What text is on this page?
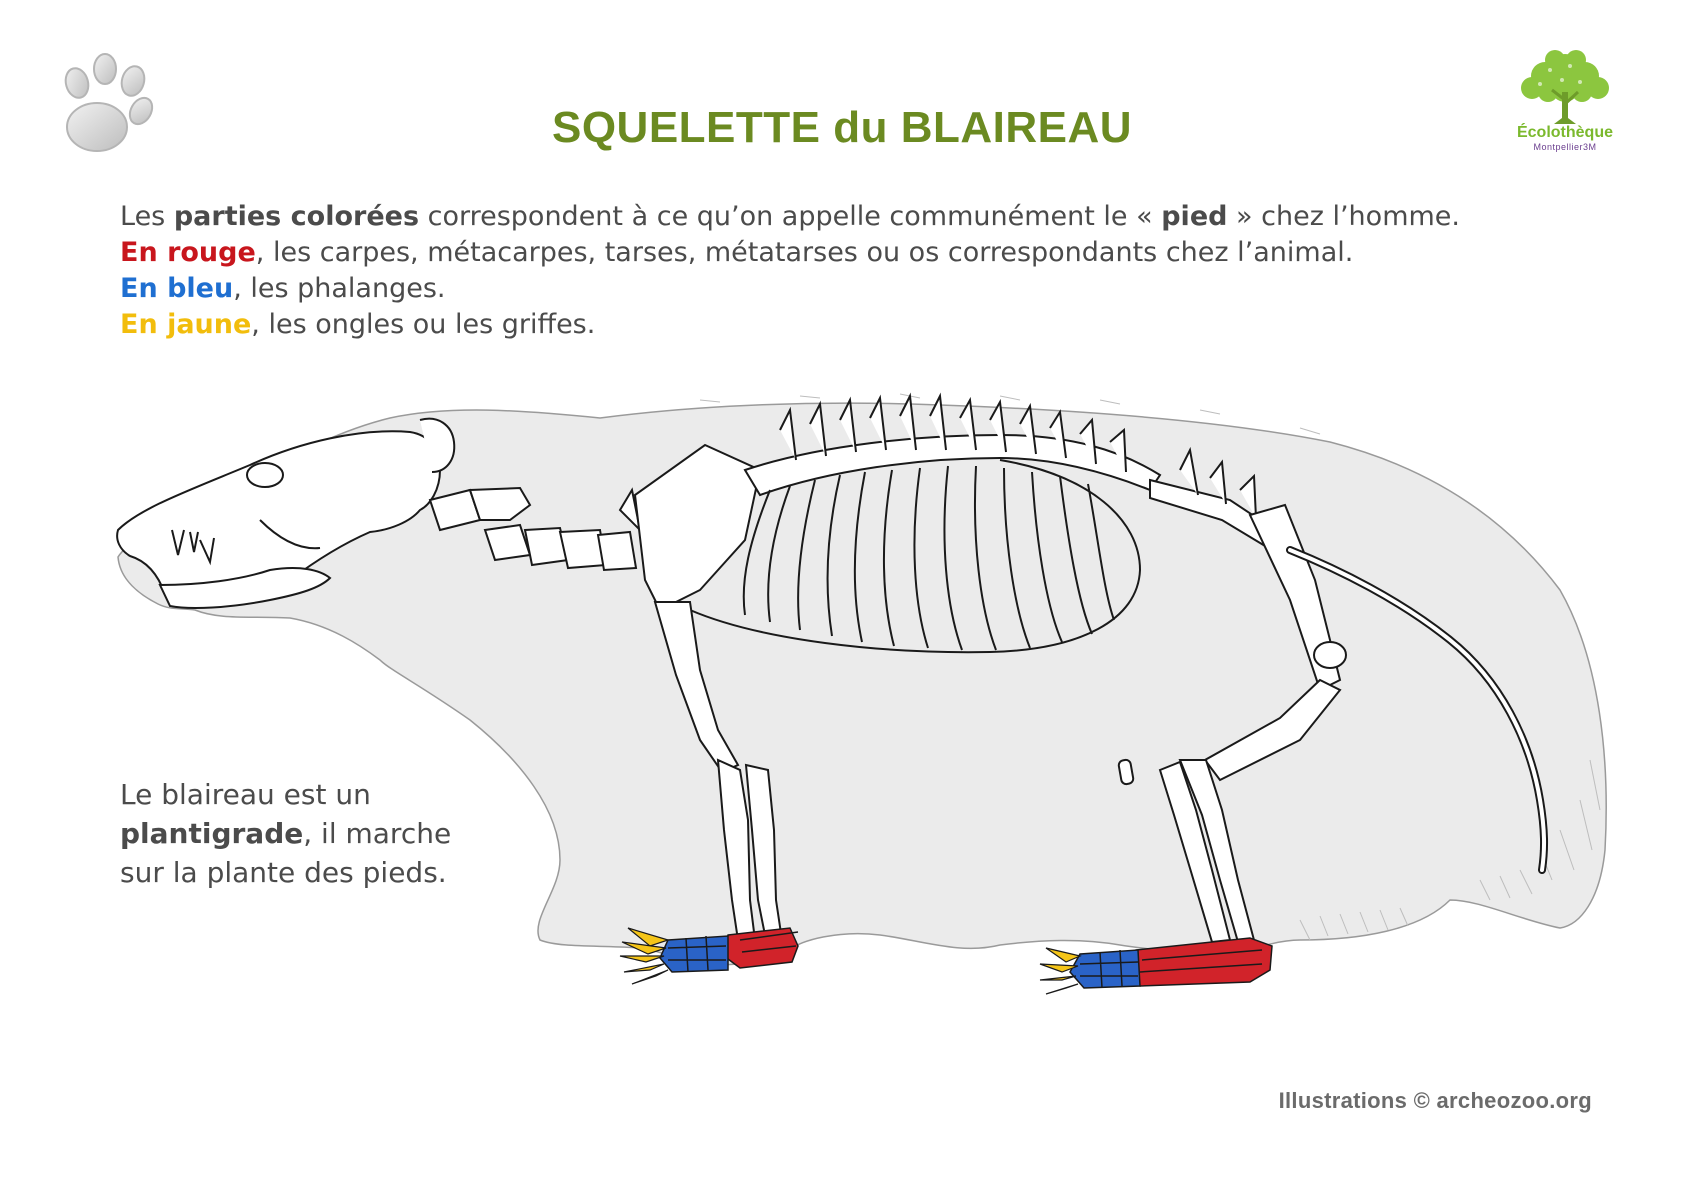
Écolothèque
Montpellier3M
SQUELETTE du BLAIREAU

Les parties colorées correspondent à ce qu’on appelle communément le « pied » chez l’homme.

En rouge, les carpes, métacarpes, tarses, métatarses ou os correspondants chez l’animal.

En bleu, les phalanges.

En jaune, les ongles ou les griffes.

Le blaireau est un

plantigrade, il marche

sur la plante des pieds.

Illustrations © archeozoo.org
